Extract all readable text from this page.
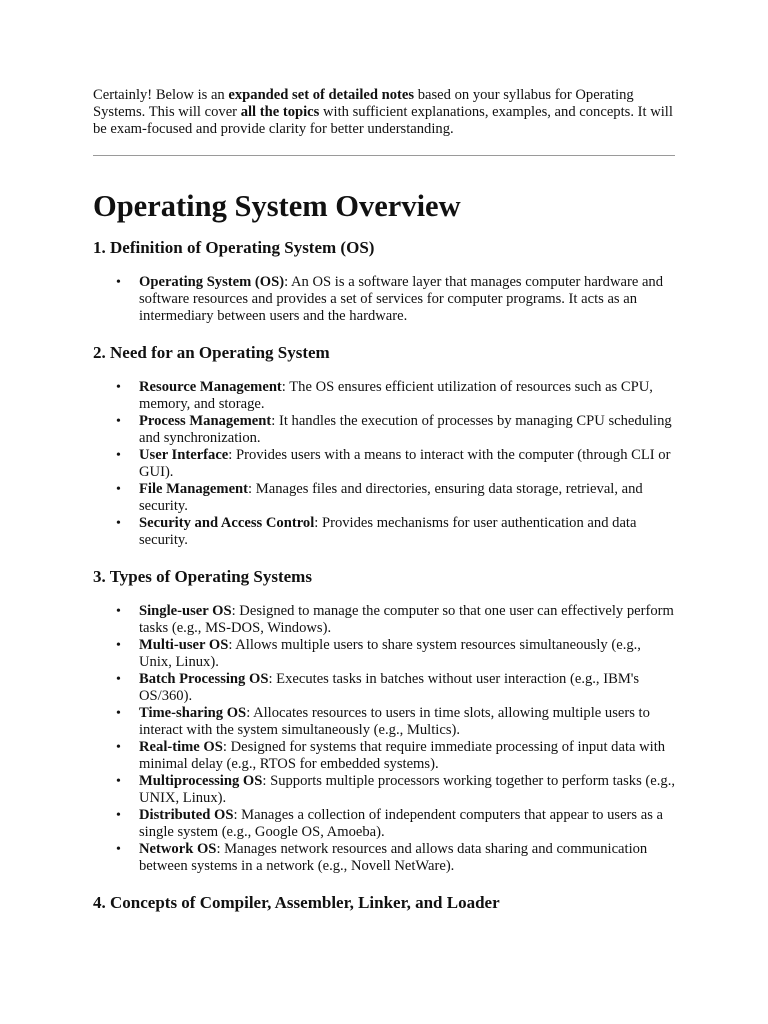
Certainly! Below is an expanded set of detailed notes based on your syllabus for Operating Systems. This will cover all the topics with sufficient explanations, examples, and concepts. It will be exam-focused and provide clarity for better understanding.

Operating System Overview
1. Definition of Operating System (OS)
• Operating System (OS): An OS is a software layer that manages computer hardware and software resources and provides a set of services for computer programs. It acts as an intermediary between users and the hardware.
2. Need for an Operating System
• Resource Management: The OS ensures efficient utilization of resources such as CPU, memory, and storage.
• Process Management: It handles the execution of processes by managing CPU scheduling and synchronization.
• User Interface: Provides users with a means to interact with the computer (through CLI or GUI).
• File Management: Manages files and directories, ensuring data storage, retrieval, and security.
• Security and Access Control: Provides mechanisms for user authentication and data security.
3. Types of Operating Systems
• Single-user OS: Designed to manage the computer so that one user can effectively perform tasks (e.g., MS-DOS, Windows).
• Multi-user OS: Allows multiple users to share system resources simultaneously (e.g., Unix, Linux).
• Batch Processing OS: Executes tasks in batches without user interaction (e.g., IBM's OS/360).
• Time-sharing OS: Allocates resources to users in time slots, allowing multiple users to interact with the system simultaneously (e.g., Multics).
• Real-time OS: Designed for systems that require immediate processing of input data with minimal delay (e.g., RTOS for embedded systems).
• Multiprocessing OS: Supports multiple processors working together to perform tasks (e.g., UNIX, Linux).
• Distributed OS: Manages a collection of independent computers that appear to users as a single system (e.g., Google OS, Amoeba).
• Network OS: Manages network resources and allows data sharing and communication between systems in a network (e.g., Novell NetWare).
4. Concepts of Compiler, Assembler, Linker, and Loader
